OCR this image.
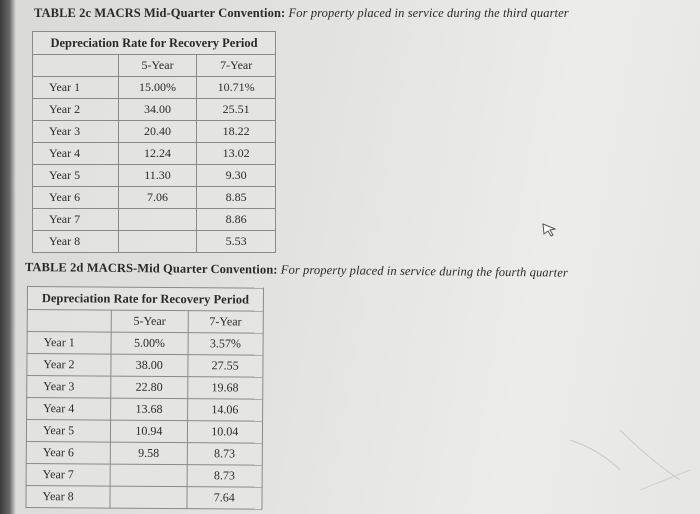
TABLE 2c MACRS Mid-Quarter Convention: For property placed in service during the third quarter
Depreciation Rate for Recovery Period		
	5-Year	7-Year
Year 1	15.00%	10.71%
Year 2	34.00	25.51
Year 3	20.40	18.22
Year 4	12.24	13.02
Year 5	11.30	9.30
Year 6	7.06	8.85
Year 7		8.86
Year 8		5.53
TABLE 2d MACRS-Mid Quarter Convention: For property placed in service during the fourth quarter
Depreciation Rate for Recovery Period		
	5-Year	7-Year
Year 1	5.00%	3.57%
Year 2	38.00	27.55
Year 3	22.80	19.68
Year 4	13.68	14.06
Year 5	10.94	10.04
Year 6	9.58	8.73
Year 7		8.73
Year 8		7.64
